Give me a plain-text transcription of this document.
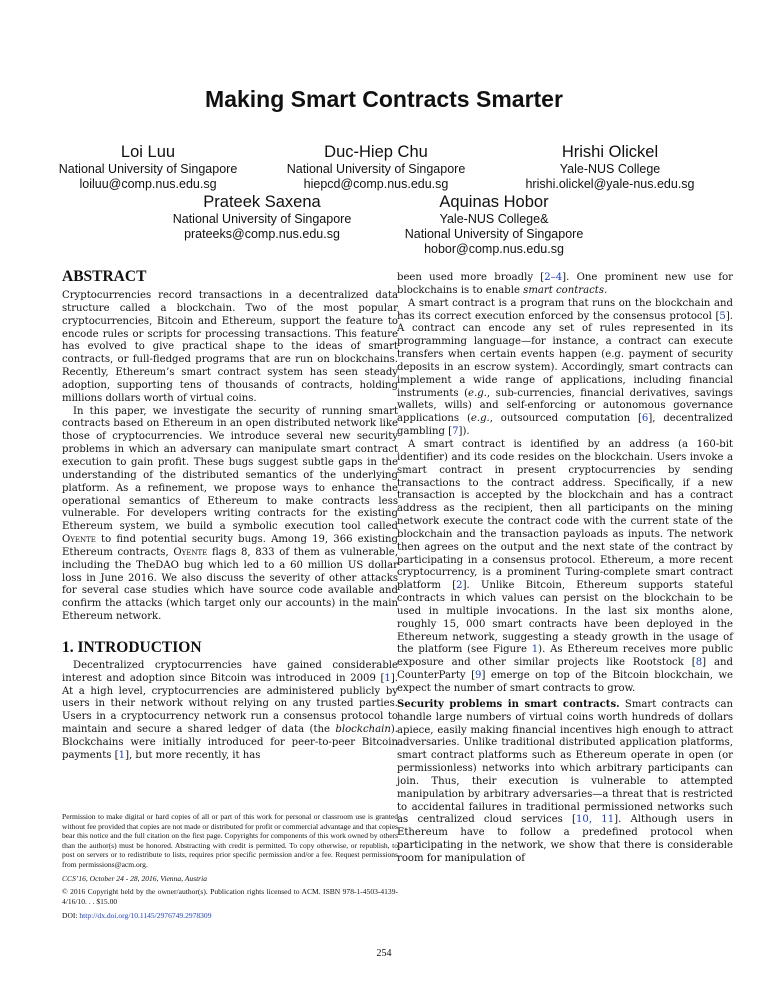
Making Smart Contracts Smarter
Loi Luu
National University of Singapore
loiluu@comp.nus.edu.sg
Duc-Hiep Chu
National University of Singapore
hiepcd@comp.nus.edu.sg
Hrishi Olickel
Yale-NUS College
hrishi.olickel@yale-nus.edu.sg
Prateek Saxena
National University of Singapore
prateeks@comp.nus.edu.sg
Aquinas Hobor
Yale-NUS College&
National University of Singapore
hobor@comp.nus.edu.sg
ABSTRACT

Cryptocurrencies record transactions in a decentralized data structure called a blockchain. Two of the most popular cryptocurrencies, Bitcoin and Ethereum, support the feature to encode rules or scripts for processing transactions. This feature has evolved to give practical shape to the ideas of smart contracts, or full-fledged programs that are run on blockchains. Recently, Ethereum’s smart contract system has seen steady adoption, supporting tens of thousands of contracts, holding millions dollars worth of virtual coins.

In this paper, we investigate the security of running smart contracts based on Ethereum in an open distributed network like those of cryptocurrencies. We introduce several new security problems in which an adversary can manipulate smart contract execution to gain profit. These bugs suggest subtle gaps in the understanding of the distributed semantics of the underlying platform. As a refinement, we propose ways to enhance the operational semantics of Ethereum to make contracts less vulnerable. For developers writing contracts for the existing Ethereum system, we build a symbolic execution tool called Oyente to find potential security bugs. Among 19, 366 existing Ethereum contracts, Oyente flags 8, 833 of them as vulnerable, including the TheDAO bug which led to a 60 million US dollar loss in June 2016. We also discuss the severity of other attacks for several case studies which have source code available and confirm the attacks (which target only our accounts) in the main Ethereum network.

1. INTRODUCTION

Decentralized cryptocurrencies have gained considerable interest and adoption since Bitcoin was introduced in 2009 [1]. At a high level, cryptocurrencies are administered publicly by users in their network without relying on any trusted parties. Users in a cryptocurrency network run a consensus protocol to maintain and secure a shared ledger of data (the blockchain). Blockchains were initially introduced for peer-to-peer Bitcoin payments [1], but more recently, it has

Permission to make digital or hard copies of all or part of this work for personal or classroom use is granted without fee provided that copies are not made or distributed for profit or commercial advantage and that copies bear this notice and the full citation on the first page. Copyrights for components of this work owned by others than the author(s) must be honored. Abstracting with credit is permitted. To copy otherwise, or republish, to post on servers or to redistribute to lists, requires prior specific permission and/or a fee. Request permissions from permissions@acm.org.

CCS’16, October 24 - 28, 2016, Vienna, Austria

© 2016 Copyright held by the owner/author(s). Publication rights licensed to ACM. ISBN 978-1-4503-4139-4/16/10. . . $15.00

DOI: http://dx.doi.org/10.1145/2976749.2978309

been used more broadly [2–4]. One prominent new use for blockchains is to enable smart contracts.

A smart contract is a program that runs on the blockchain and has its correct execution enforced by the consensus protocol [5]. A contract can encode any set of rules represented in its programming language—for instance, a contract can execute transfers when certain events happen (e.g. payment of security deposits in an escrow system). Accordingly, smart contracts can implement a wide range of applications, including financial instruments (e.g., sub-currencies, financial derivatives, savings wallets, wills) and self-enforcing or autonomous governance applications (e.g., outsourced computation [6], decentralized gambling [7]).

A smart contract is identified by an address (a 160-bit identifier) and its code resides on the blockchain. Users invoke a smart contract in present cryptocurrencies by sending transactions to the contract address. Specifically, if a new transaction is accepted by the blockchain and has a contract address as the recipient, then all participants on the mining network execute the contract code with the current state of the blockchain and the transaction payloads as inputs. The network then agrees on the output and the next state of the contract by participating in a consensus protocol. Ethereum, a more recent cryptocurrency, is a prominent Turing-complete smart contract platform [2]. Unlike Bitcoin, Ethereum supports stateful contracts in which values can persist on the blockchain to be used in multiple invocations. In the last six months alone, roughly 15, 000 smart contracts have been deployed in the Ethereum network, suggesting a steady growth in the usage of the platform (see Figure 1). As Ethereum receives more public exposure and other similar projects like Rootstock [8] and CounterParty [9] emerge on top of the Bitcoin blockchain, we expect the number of smart contracts to grow.

Security problems in smart contracts. Smart contracts can handle large numbers of virtual coins worth hundreds of dollars apiece, easily making financial incentives high enough to attract adversaries. Unlike traditional distributed application platforms, smart contract platforms such as Ethereum operate in open (or permissionless) networks into which arbitrary participants can join. Thus, their execution is vulnerable to attempted manipulation by arbitrary adversaries—a threat that is restricted to accidental failures in traditional permissioned networks such as centralized cloud services [10, 11]. Although users in Ethereum have to follow a predefined protocol when participating in the network, we show that there is considerable room for manipulation of

254
